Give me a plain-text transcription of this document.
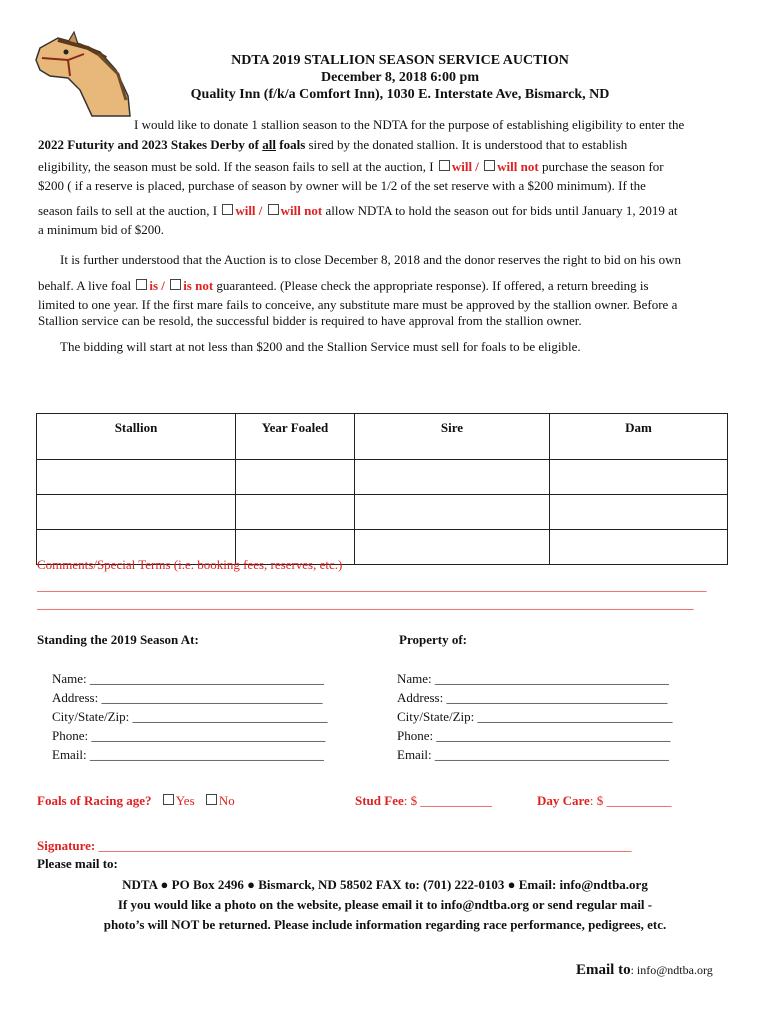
NDTA 2019 STALLION SEASON SERVICE AUCTION
December 8, 2018 6:00 pm
Quality Inn (f/k/a Comfort Inn), 1030 E. Interstate Ave, Bismarck, ND
I would like to donate 1 stallion season to the NDTA for the purpose of establishing eligibility to enter the
2022 Futurity and 2023 Stakes Derby of all foals sired by the donated stallion. It is understood that to establish
eligibility, the season must be sold. If the season fails to sell at the auction, I will / will not purchase the season for
$200 ( if a reserve is placed, purchase of season by owner will be 1/2 of the set reserve with a $200 minimum). If the
season fails to sell at the auction, I will / will not allow NDTA to hold the season out for bids until January 1, 2019 at
a minimum bid of $200.
It is further understood that the Auction is to close December 8, 2018 and the donor reserves the right to bid on his own
behalf. A live foal is / is not guaranteed. (Please check the appropriate response). If offered, a return breeding is
limited to one year. If the first mare fails to conceive, any substitute mare must be approved by the stallion owner. Before a
Stallion service can be resold, the successful bidder is required to have approval from the stallion owner.
The bidding will start at not less than $200 and the Stallion Service must sell for foals to be eligible.
Stallion	Year Foaled	Sire	Dam

Comments/Special Terms (i.e. booking fees, reserves, etc.)
_______________________________________________________________________________________________________
_____________________________________________________________________________________________________
Standing the 2019 Season At:	Property of:
Name: ____________________________________
Address: __________________________________
City/State/Zip: ______________________________
Phone: ____________________________________
Email: ____________________________________
Name: ____________________________________
Address: __________________________________
City/State/Zip: ______________________________
Phone: ____________________________________
Email: ____________________________________
Foals of Racing age? Yes No	Stud Fee: $ ___________	Day Care: $ __________
Signature: __________________________________________________________________________________
Please mail to:
NDTA ● PO Box 2496 ● Bismarck, ND 58502 FAX to: (701) 222-0103 ● Email: info@ndtba.org
If you would like a photo on the website, please email it to info@ndtba.org or send regular mail -
photo’s will NOT be returned. Please include information regarding race performance, pedigrees, etc.
Email to: info@ndtba.org
